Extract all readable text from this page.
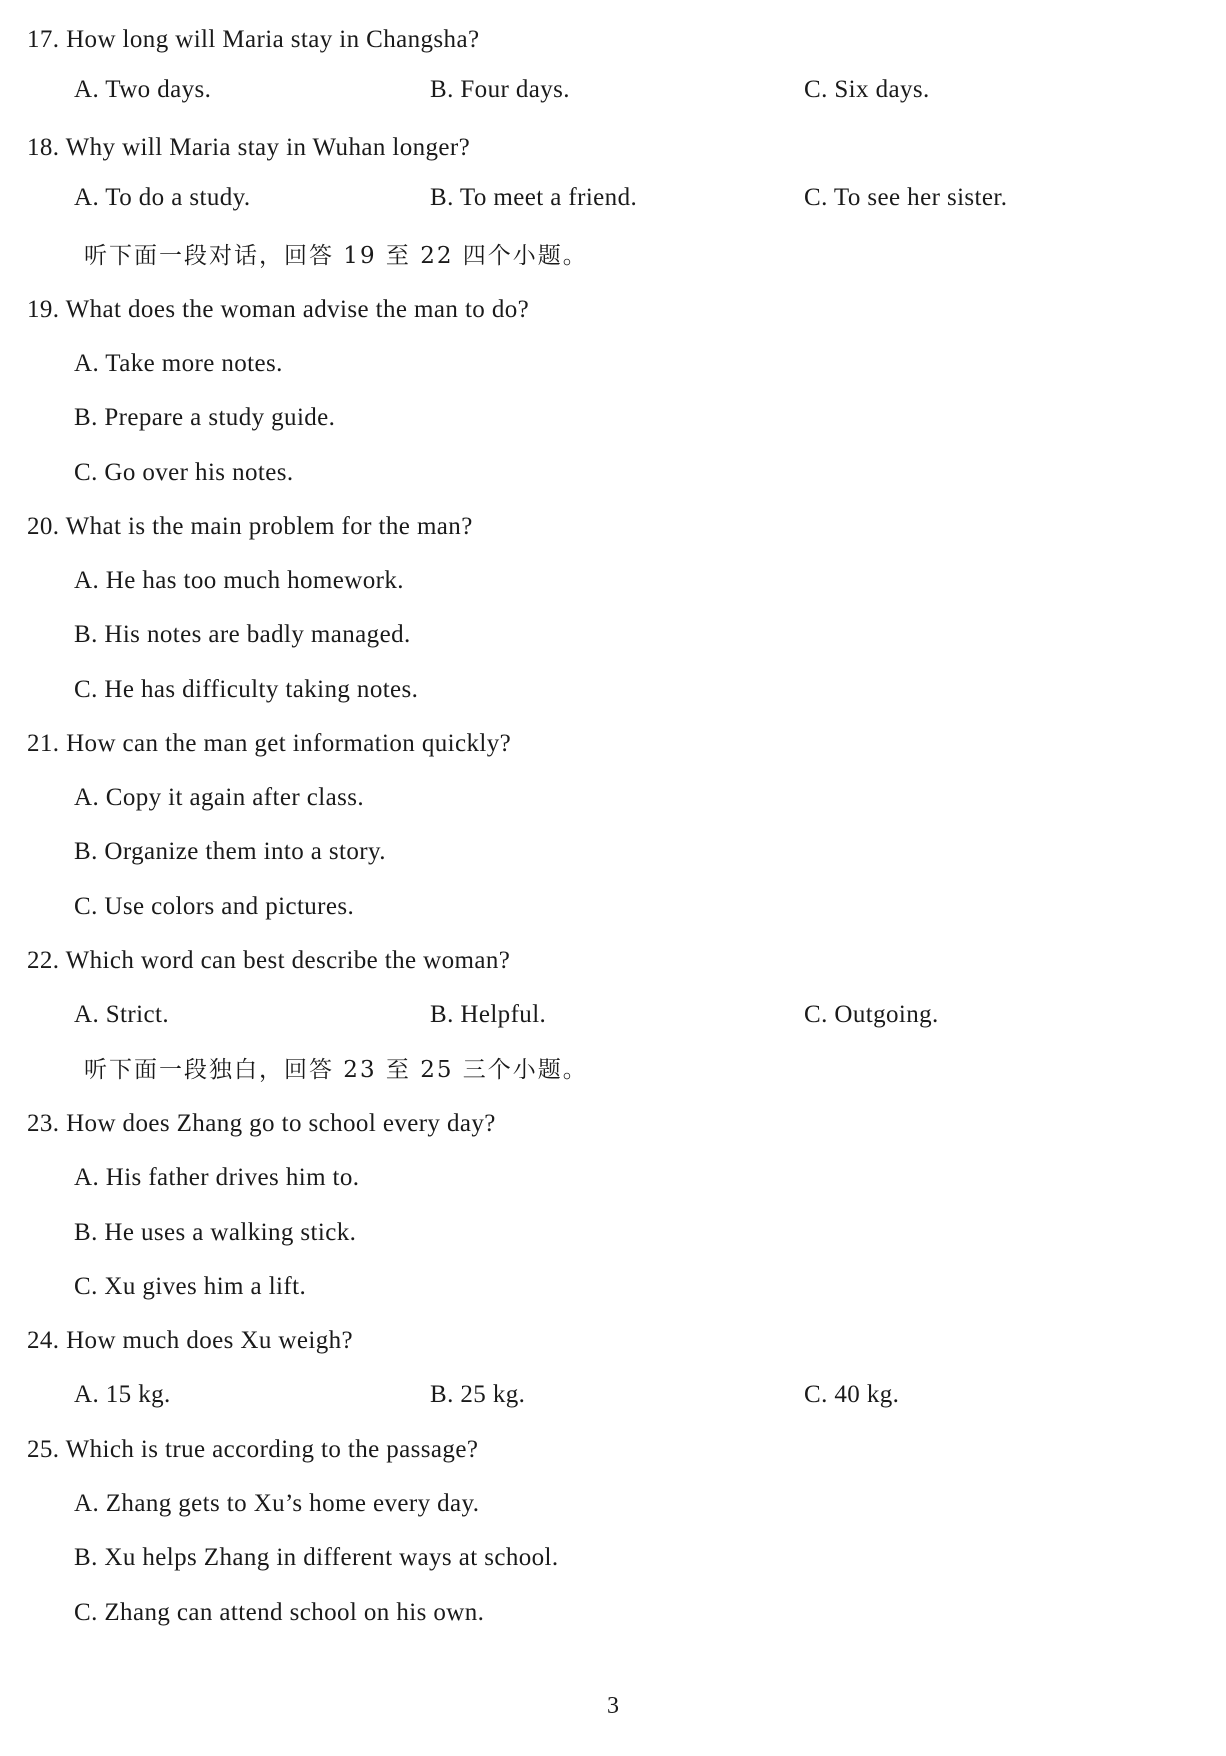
17. How long will Maria stay in Changsha?
A. Two days.	B. Four days.	C. Six days.
18. Why will Maria stay in Wuhan longer?
A. To do a study.	B. To meet a friend.	C. To see her sister.
听下面一段对话，回答 19 至 22 四个小题。
19. What does the woman advise the man to do?
A. Take more notes.
B. Prepare a study guide.
C. Go over his notes.
20. What is the main problem for the man?
A. He has too much homework.
B. His notes are badly managed.
C. He has difficulty taking notes.
21. How can the man get information quickly?
A. Copy it again after class.
B. Organize them into a story.
C. Use colors and pictures.
22. Which word can best describe the woman?
A. Strict.	B. Helpful.	C. Outgoing.
听下面一段独白，回答 23 至 25 三个小题。
23. How does Zhang go to school every day?
A. His father drives him to.
B. He uses a walking stick.
C. Xu gives him a lift.
24. How much does Xu weigh?
A. 15 kg.	B. 25 kg.	C. 40 kg.
25. Which is true according to the passage?
A. Zhang gets to Xu’s home every day.
B. Xu helps Zhang in different ways at school.
C. Zhang can attend school on his own.
3
